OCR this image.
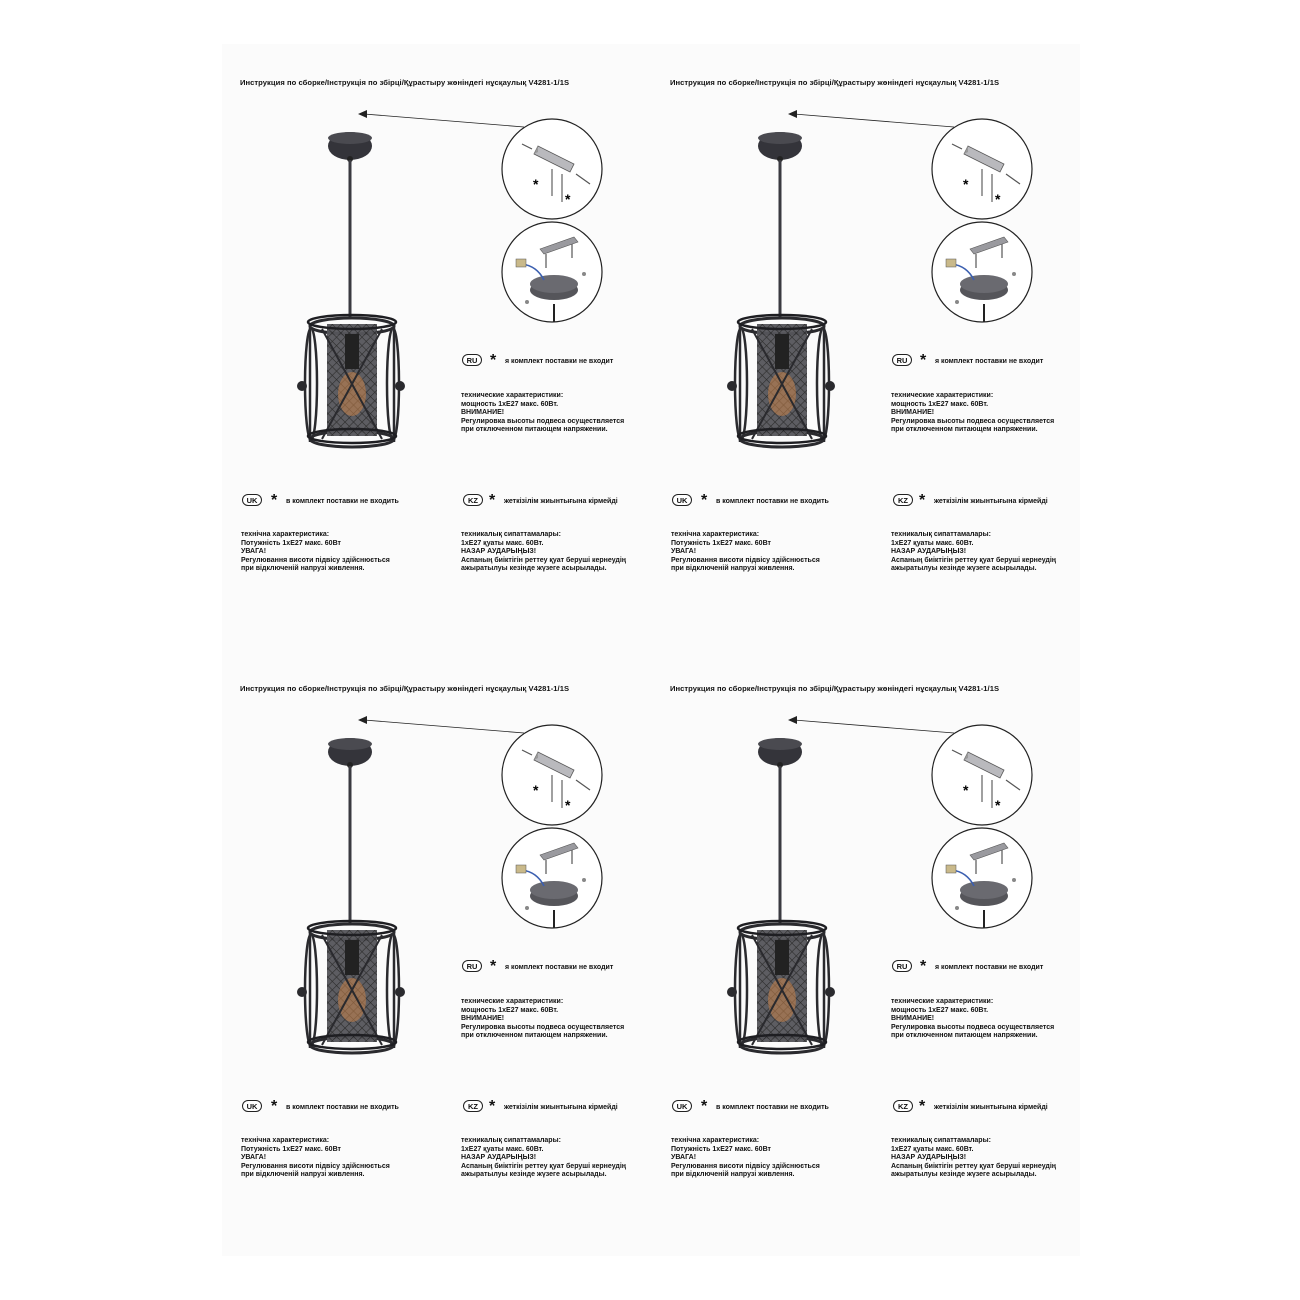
Инструкция по сборке/Інструкція по збірці/Құрастыру жөніндегі нұсқаулық V4281-1/1S
*
*
RU * я комплект поставки не входит
технические характеристики:
мощность 1xE27 макс. 60Вт.
ВНИМАНИЕ!
Регулировка высоты подвеса осуществляется
при отключенном питающем напряжении.
UK * в комплект поставки не входить
технічна характеристика:
Потужність 1xE27 макс. 60Вт
УВАГА!
Регулювання висоти підвісу здійснюється
при відключеній напрузі живлення.
KZ * жеткізілім жиынтығына кірмейді
техникалық сипаттамалары:
1xE27 қуаты макс. 60Вт.
НАЗАР АУДАРЫҢЫЗ!
Аспаның биіктігін реттеу қуат беруші кернеудің
ажыратылуы кезінде жүзеге асырылады.
Инструкция по сборке/Інструкція по збірці/Құрастыру жөніндегі нұсқаулық V4281-1/1S
*
*
RU * я комплект поставки не входит
технические характеристики:
мощность 1xE27 макс. 60Вт.
ВНИМАНИЕ!
Регулировка высоты подвеса осуществляется
при отключенном питающем напряжении.
UK * в комплект поставки не входить
технічна характеристика:
Потужність 1xE27 макс. 60Вт
УВАГА!
Регулювання висоти підвісу здійснюється
при відключеній напрузі живлення.
KZ * жеткізілім жиынтығына кірмейді
техникалық сипаттамалары:
1xE27 қуаты макс. 60Вт.
НАЗАР АУДАРЫҢЫЗ!
Аспаның биіктігін реттеу қуат беруші кернеудің
ажыратылуы кезінде жүзеге асырылады.
Инструкция по сборке/Інструкція по збірці/Құрастыру жөніндегі нұсқаулық V4281-1/1S
*
*
RU * я комплект поставки не входит
технические характеристики:
мощность 1xE27 макс. 60Вт.
ВНИМАНИЕ!
Регулировка высоты подвеса осуществляется
при отключенном питающем напряжении.
UK * в комплект поставки не входить
технічна характеристика:
Потужність 1xE27 макс. 60Вт
УВАГА!
Регулювання висоти підвісу здійснюється
при відключеній напрузі живлення.
KZ * жеткізілім жиынтығына кірмейді
техникалық сипаттамалары:
1xE27 қуаты макс. 60Вт.
НАЗАР АУДАРЫҢЫЗ!
Аспаның биіктігін реттеу қуат беруші кернеудің
ажыратылуы кезінде жүзеге асырылады.
Инструкция по сборке/Інструкція по збірці/Құрастыру жөніндегі нұсқаулық V4281-1/1S
*
*
RU * я комплект поставки не входит
технические характеристики:
мощность 1xE27 макс. 60Вт.
ВНИМАНИЕ!
Регулировка высоты подвеса осуществляется
при отключенном питающем напряжении.
UK * в комплект поставки не входить
технічна характеристика:
Потужність 1xE27 макс. 60Вт
УВАГА!
Регулювання висоти підвісу здійснюється
при відключеній напрузі живлення.
KZ * жеткізілім жиынтығына кірмейді
техникалық сипаттамалары:
1xE27 қуаты макс. 60Вт.
НАЗАР АУДАРЫҢЫЗ!
Аспаның биіктігін реттеу қуат беруші кернеудің
ажыратылуы кезінде жүзеге асырылады.
